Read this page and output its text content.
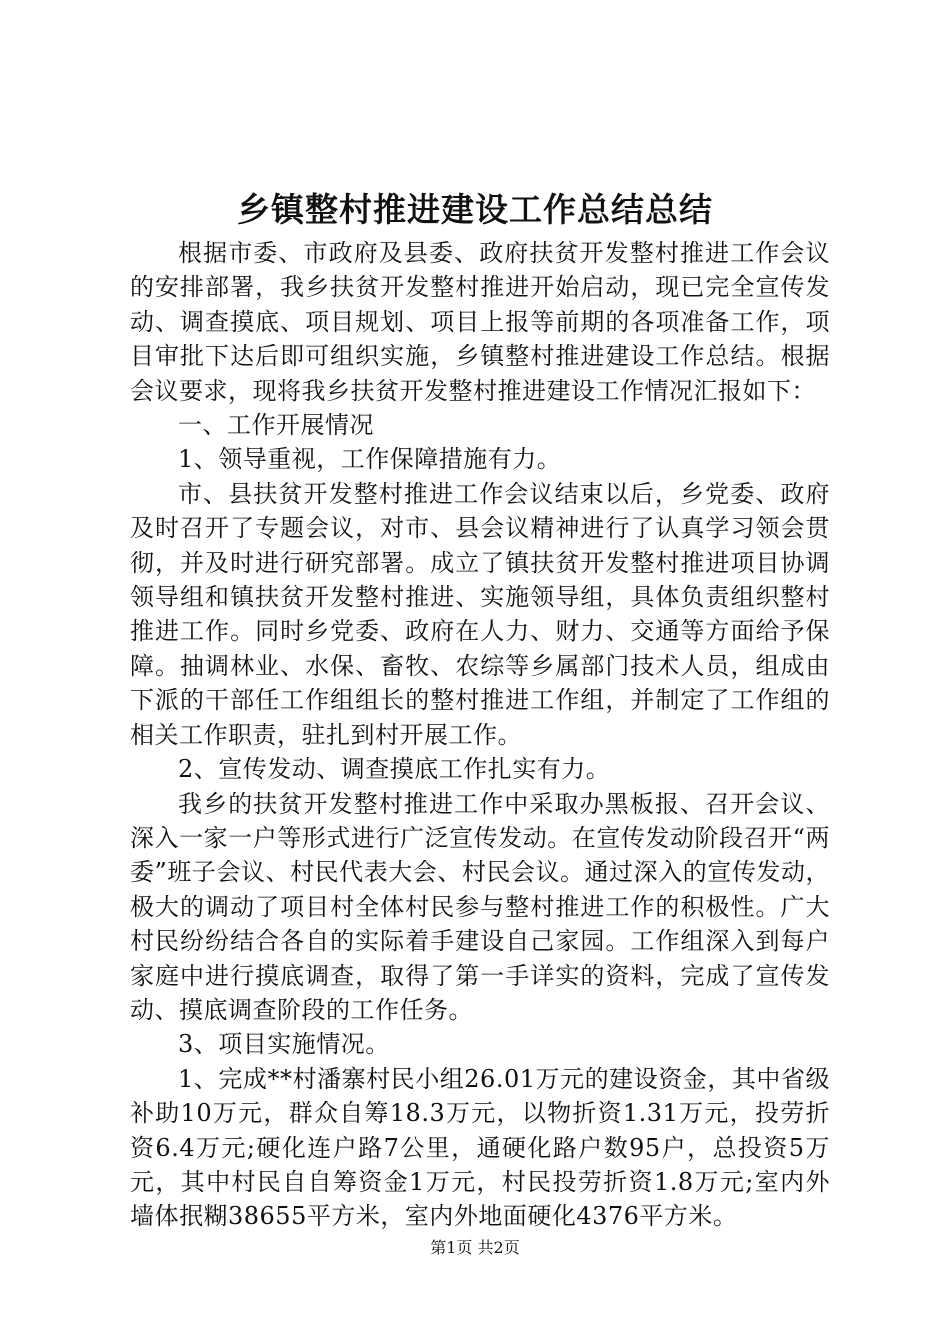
乡镇整村推进建设工作总结总结

根据市委、市政府及县委、政府扶贫开发整村推进工作会议的安排部署，我乡扶贫开发整村推进开始启动，现已完全宣传发动、调查摸底、项目规划、项目上报等前期的各项准备工作，项目审批下达后即可组织实施，乡镇整村推进建设工作总结。根据会议要求，现将我乡扶贫开发整村推进建设工作情况汇报如下：

一、工作开展情况

1、领导重视，工作保障措施有力。

市、县扶贫开发整村推进工作会议结束以后，乡党委、政府及时召开了专题会议，对市、县会议精神进行了认真学习领会贯彻，并及时进行研究部署。成立了镇扶贫开发整村推进项目协调领导组和镇扶贫开发整村推进、实施领导组，具体负责组织整村推进工作。同时乡党委、政府在人力、财力、交通等方面给予保障。抽调林业、水保、畜牧、农综等乡属部门技术人员，组成由下派的干部任工作组组长的整村推进工作组，并制定了工作组的相关工作职责，驻扎到村开展工作。

2、宣传发动、调查摸底工作扎实有力。

我乡的扶贫开发整村推进工作中采取办黑板报、召开会议、深入一家一户等形式进行广泛宣传发动。在宣传发动阶段召开“两委”班子会议、村民代表大会、村民会议。通过深入的宣传发动，极大的调动了项目村全体村民参与整村推进工作的积极性。广大村民纷纷结合各自的实际着手建设自己家园。工作组深入到每户家庭中进行摸底调查，取得了第一手详实的资料，完成了宣传发动、摸底调查阶段的工作任务。

3、项目实施情况。

1、完成**村潘寨村民小组26.01万元的建设资金，其中省级补助10万元，群众自筹18.3万元，以物折资1.31万元，投劳折资6.4万元;硬化连户路7公里，通硬化路户数95户，总投资5万元，其中村民自自筹资金1万元，村民投劳折资1.8万元;室内外墙体抿糊38655平方米，室内外地面硬化4376平方米。

第1页 共2页
